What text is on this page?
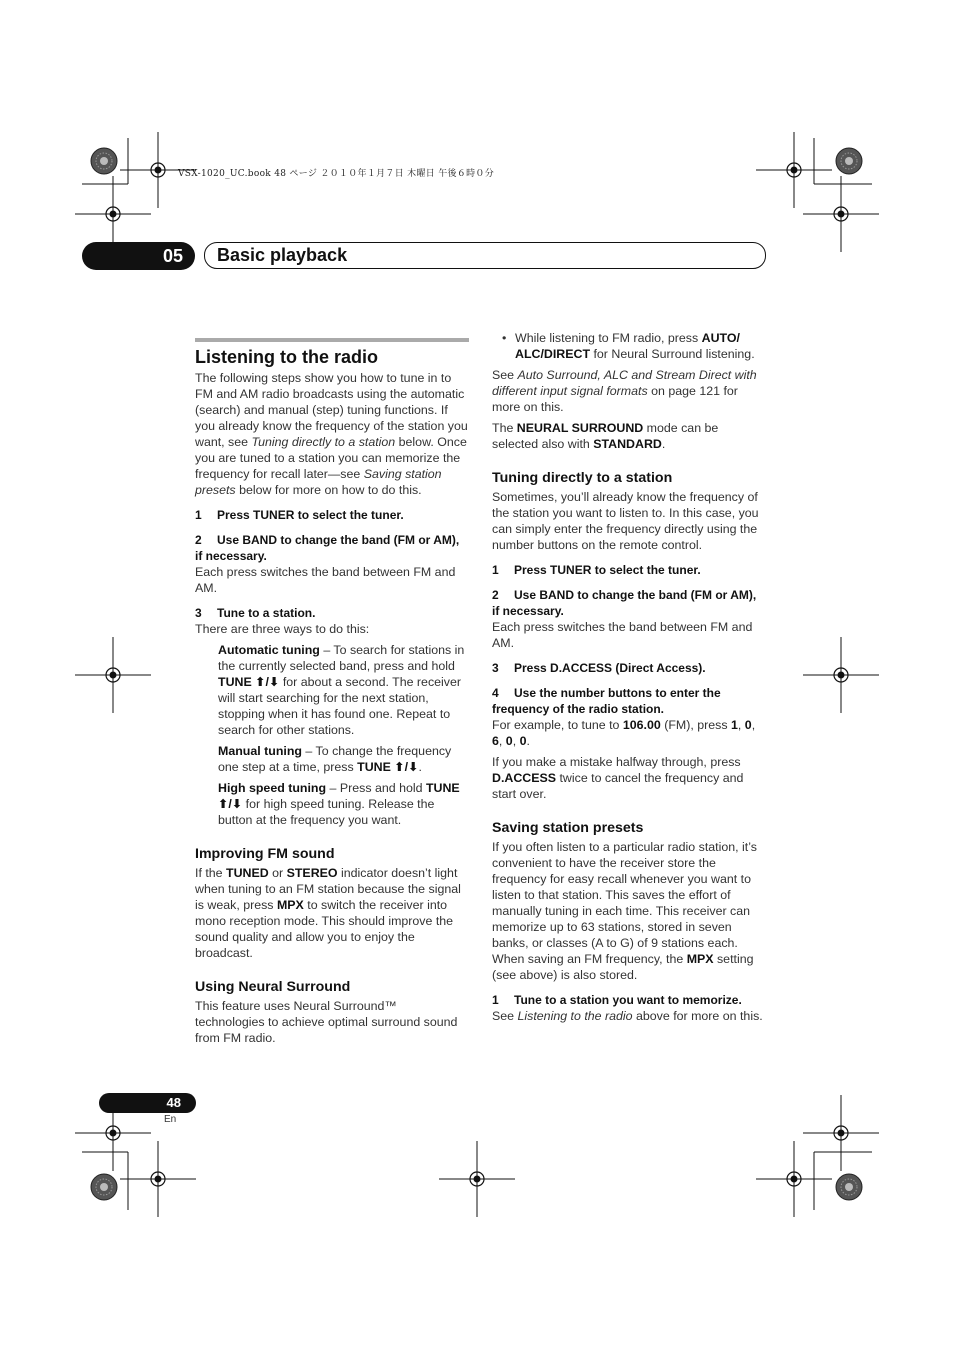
VSX-1020_UC.book 48 ページ ２０１０年１月７日 木曜日 午後６時０分
05	Basic playback
Listening to the radio

The following steps show you how to tune in to FM and AM radio broadcasts using the automatic (search) and manual (step) tuning functions. If you already know the frequency of the station you want, see Tuning directly to a station below. Once you are tuned to a station you can memorize the frequency for recall later—see Saving station presets below for more on how to do this.

1 Press TUNER to select the tuner.
2 Use BAND to change the band (FM or AM), if necessary.

Each press switches the band between FM and AM.

3 Tune to a station.

There are three ways to do this:

Automatic tuning – To search for stations in the currently selected band, press and hold TUNE ⬆/⬇ for about a second. The receiver will start searching for the next station, stopping when it has found one. Repeat to search for other stations.

Manual tuning – To change the frequency one step at a time, press TUNE ⬆/⬇.

High speed tuning – Press and hold TUNE ⬆/⬇ for high speed tuning. Release the button at the frequency you want.

Improving FM sound

If the TUNED or STEREO indicator doesn’t light when tuning to an FM station because the signal is weak, press MPX to switch the receiver into mono reception mode. This should improve the sound quality and allow you to enjoy the broadcast.

Using Neural Surround

This feature uses Neural Surround™ technologies to achieve optimal surround sound from FM radio.

• While listening to FM radio, press AUTO/ ALC/DIRECT for Neural Surround listening.

See Auto Surround, ALC and Stream Direct with different input signal formats on page 121 for more on this.

The NEURAL SURROUND mode can be selected also with STANDARD.

Tuning directly to a station

Sometimes, you’ll already know the frequency of the station you want to listen to. In this case, you can simply enter the frequency directly using the number buttons on the remote control.

1 Press TUNER to select the tuner.
2 Use BAND to change the band (FM or AM), if necessary.

Each press switches the band between FM and AM.

3 Press D.ACCESS (Direct Access).
4 Use the number buttons to enter the frequency of the radio station.

For example, to tune to 106.00 (FM), press 1, 0, 6, 0, 0.

If you make a mistake halfway through, press D.ACCESS twice to cancel the frequency and start over.

Saving station presets

If you often listen to a particular radio station, it’s convenient to have the receiver store the frequency for easy recall whenever you want to listen to that station. This saves the effort of manually tuning in each time. This receiver can memorize up to 63 stations, stored in seven banks, or classes (A to G) of 9 stations each. When saving an FM frequency, the MPX setting (see above) is also stored.

1 Tune to a station you want to memorize.

See Listening to the radio above for more on this.

48
En
